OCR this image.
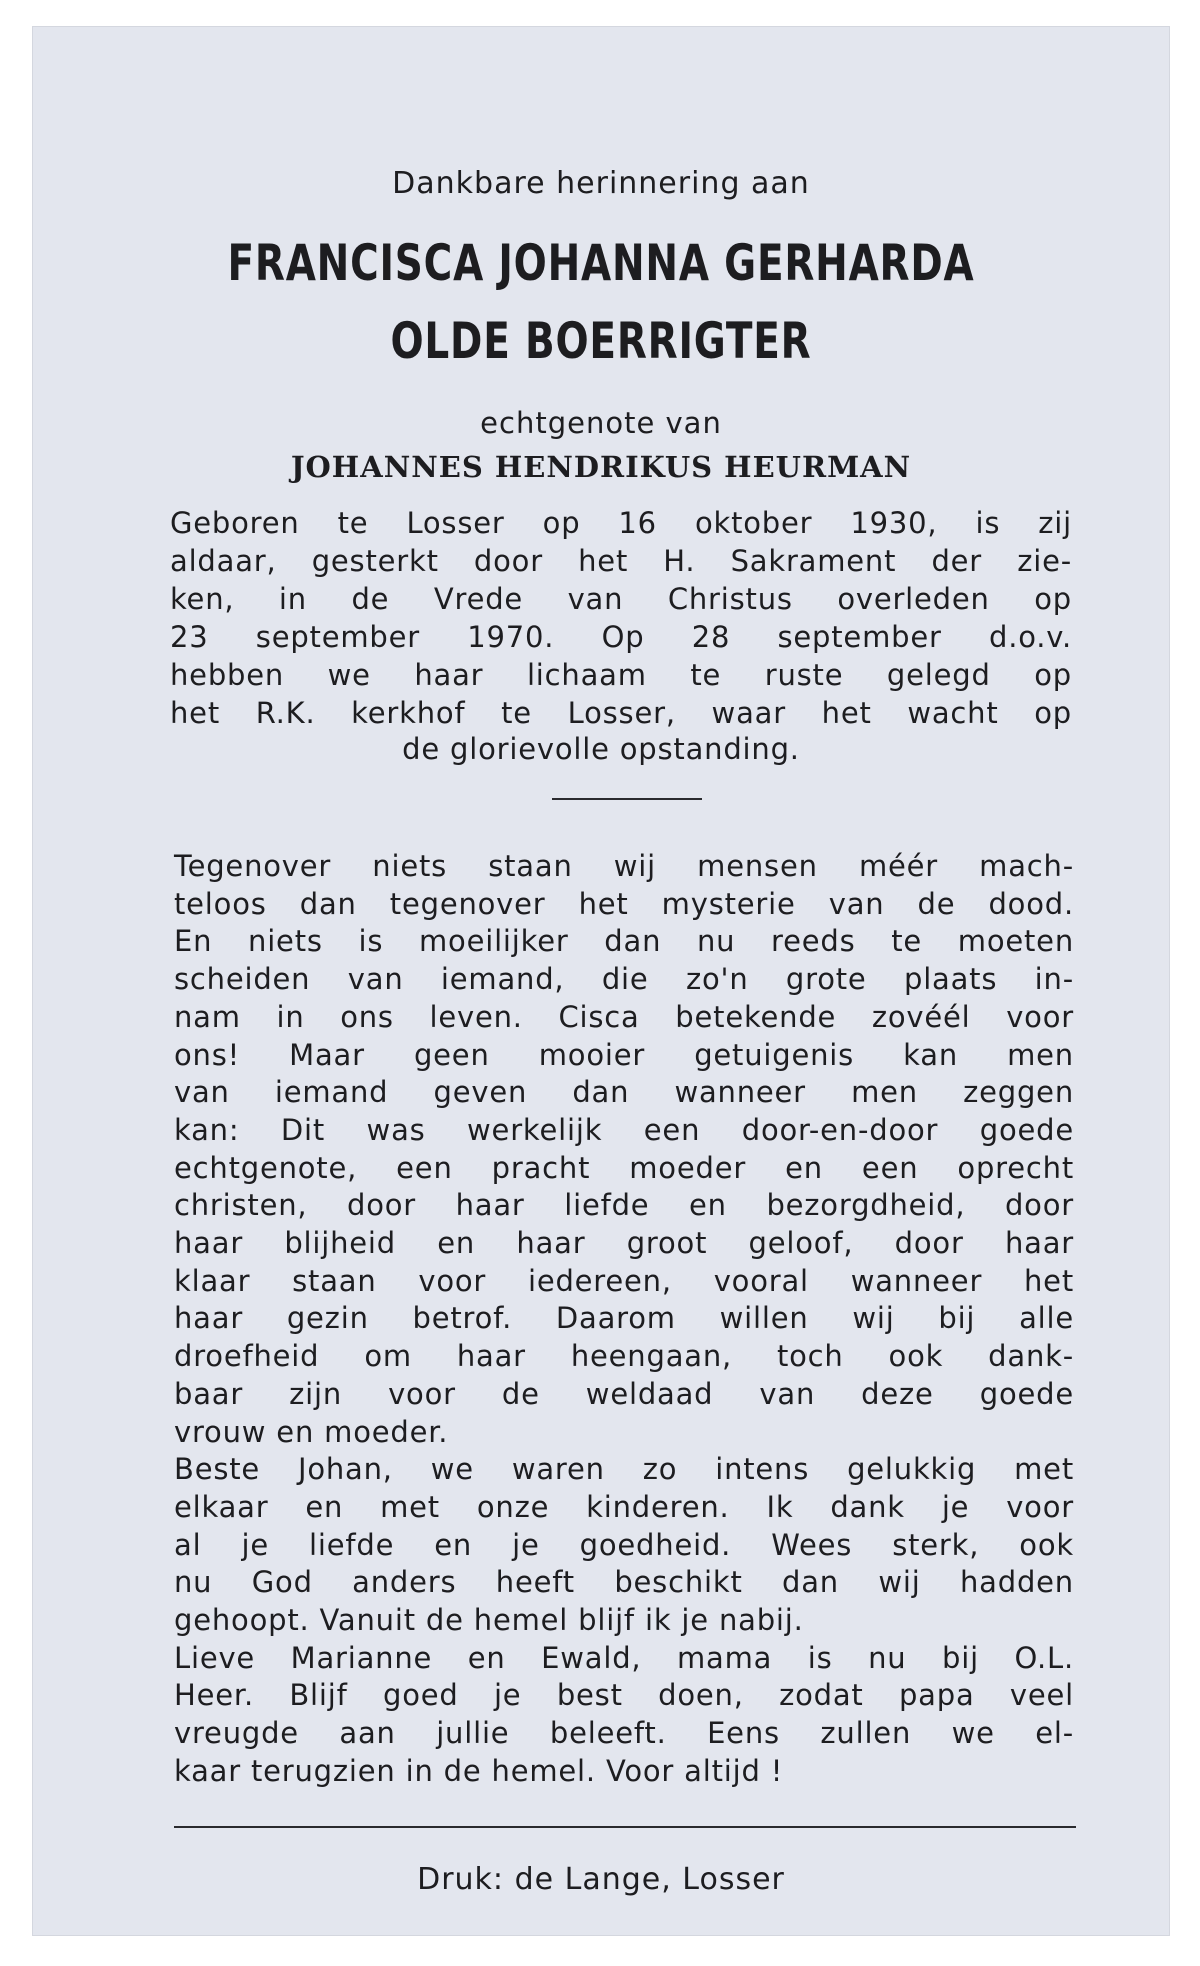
Dankbare herinnering aan
FRANCISCA JOHANNA GERHARDA
OLDE BOERRIGTER
echtgenote van
JOHANNES HENDRIKUS HEURMAN
Geboren te Losser op 16 oktober 1930, is zij
aldaar, gesterkt door het H. Sakrament der zie-
ken, in de Vrede van Christus overleden op
23 september 1970. Op 28 september d.o.v.
hebben we haar lichaam te ruste gelegd op
het R.K. kerkhof te Losser, waar het wacht op
de glorievolle opstanding.
Tegenover niets staan wij mensen méér mach-
teloos dan tegenover het mysterie van de dood.
En niets is moeilijker dan nu reeds te moeten
scheiden van iemand, die zo'n grote plaats in-
nam in ons leven. Cisca betekende zovéél voor
ons! Maar geen mooier getuigenis kan men
van iemand geven dan wanneer men zeggen
kan: Dit was werkelijk een door-en-door goede
echtgenote, een pracht moeder en een oprecht
christen, door haar liefde en bezorgdheid, door
haar blijheid en haar groot geloof, door haar
klaar staan voor iedereen, vooral wanneer het
haar gezin betrof. Daarom willen wij bij alle
droefheid om haar heengaan, toch ook dank-
baar zijn voor de weldaad van deze goede
vrouw en moeder.
Beste Johan, we waren zo intens gelukkig met
elkaar en met onze kinderen. Ik dank je voor
al je liefde en je goedheid. Wees sterk, ook
nu God anders heeft beschikt dan wij hadden
gehoopt. Vanuit de hemel blijf ik je nabij.
Lieve Marianne en Ewald, mama is nu bij O.L.
Heer. Blijf goed je best doen, zodat papa veel
vreugde aan jullie beleeft. Eens zullen we el-
kaar terugzien in de hemel. Voor altijd !
Druk: de Lange, Losser
